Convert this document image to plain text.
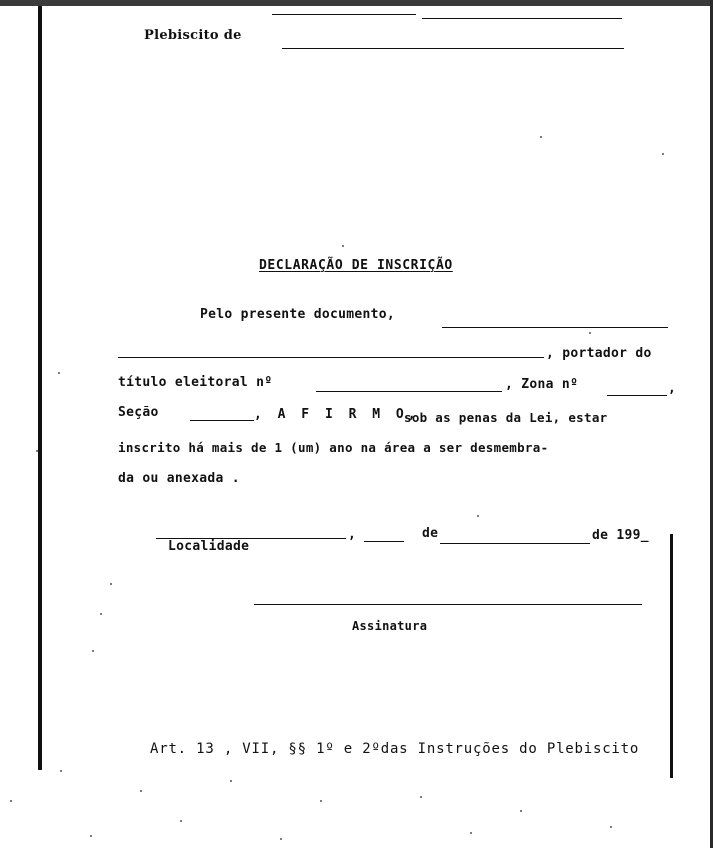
Plebiscito de
DECLARAÇÃO DE INSCRIÇÃO
Pelo presente documento,
, portador do
título eleitoral nº	, Zona nº	,
Seção	, A F I R M O,
sob as penas da Lei, estar
inscrito há mais de 1 (um) ano na área a ser desmembra-
da ou anexada .
,	de	de 199_
Localidade
Assinatura
Art. 13 , VII, §§ 1º e 2ºdas Instruções do Plebiscito
